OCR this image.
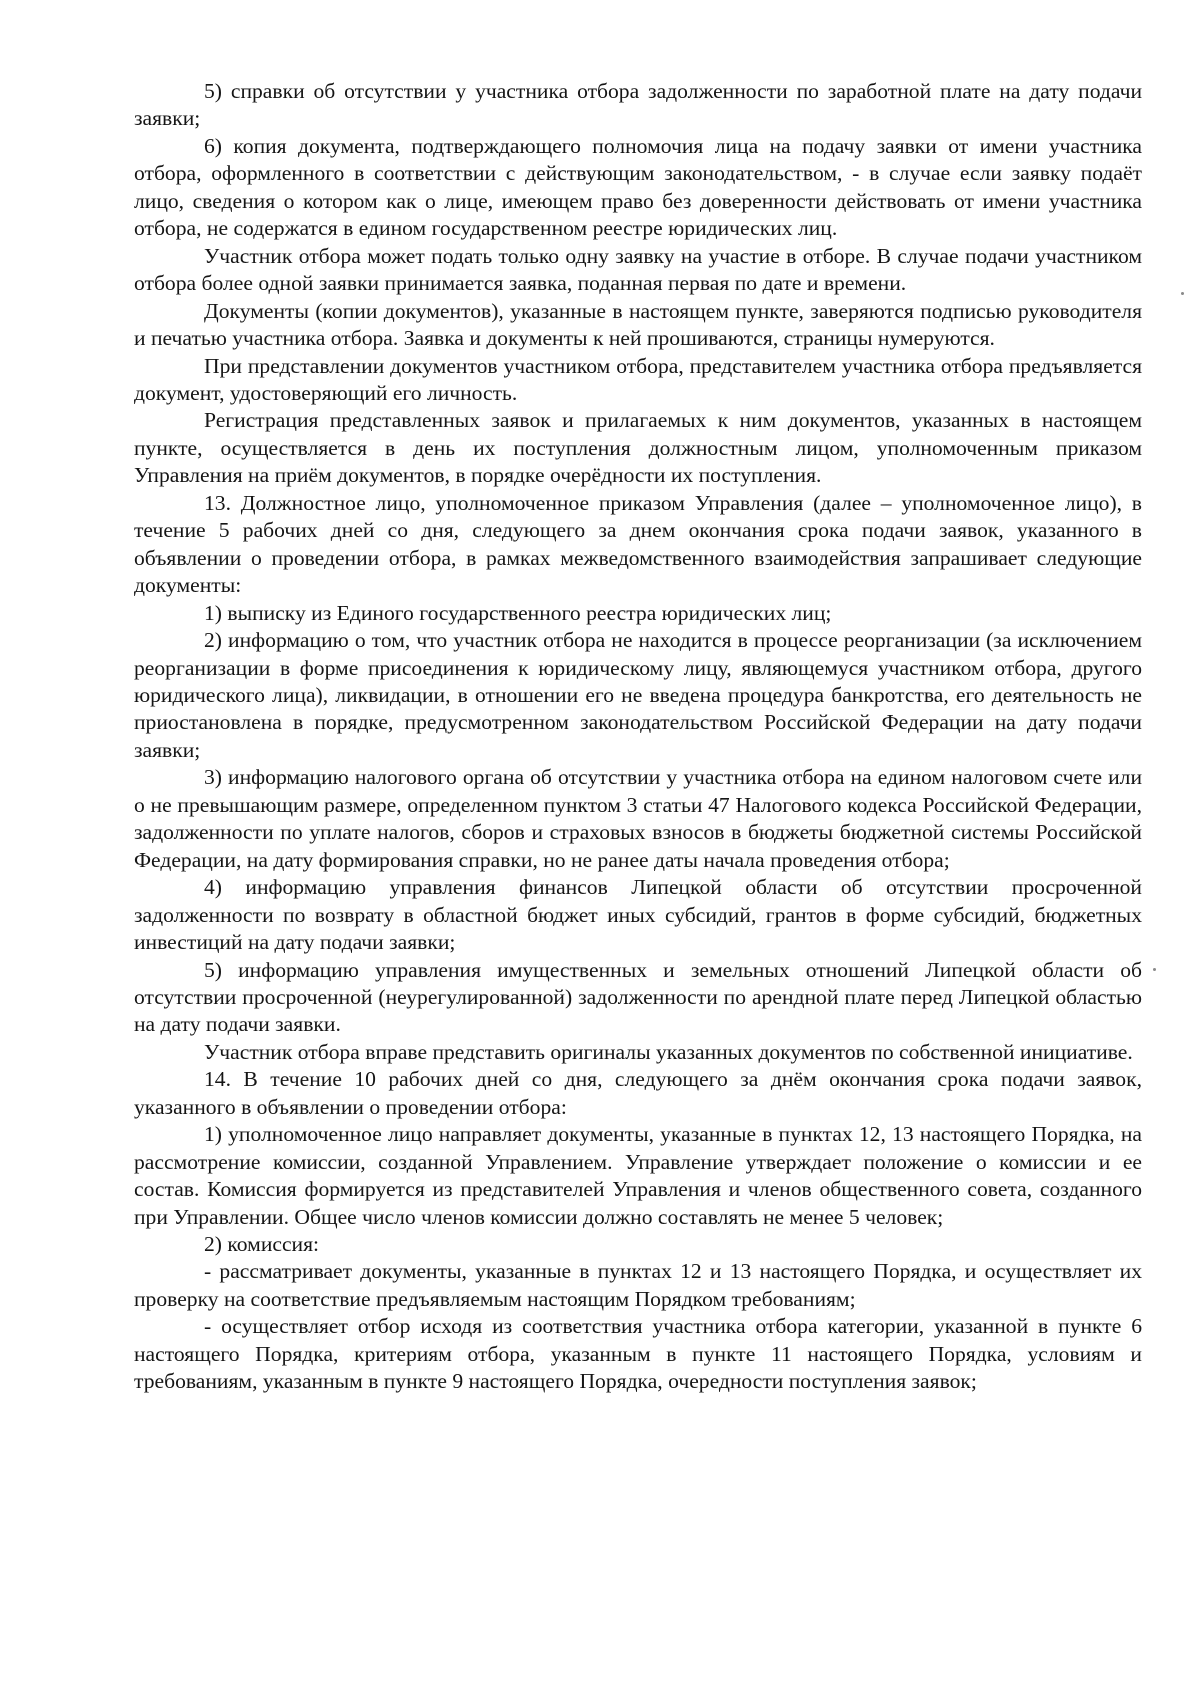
5) справки об отсутствии у участника отбора задолженности по заработной плате на дату подачи заявки;

6) копия документа, подтверждающего полномочия лица на подачу заявки от имени участника отбора, оформленного в соответствии с действующим законодательством, - в случае если заявку подаёт лицо, сведения о котором как о лице, имеющем право без доверенности действовать от имени участника отбора, не содержатся в едином государственном реестре юридических лиц.

Участник отбора может подать только одну заявку на участие в отборе. В случае подачи участником отбора более одной заявки принимается заявка, поданная первая по дате и времени.

Документы (копии документов), указанные в настоящем пункте, заверяются подписью руководителя и печатью участника отбора. Заявка и документы к ней прошиваются, страницы нумеруются.

При представлении документов участником отбора, представителем участника отбора предъявляется документ, удостоверяющий его личность.

Регистрация представленных заявок и прилагаемых к ним документов, указанных в настоящем пункте, осуществляется в день их поступления должностным лицом, уполномоченным приказом Управления на приём документов, в порядке очерёдности их поступления.

13. Должностное лицо, уполномоченное приказом Управления (далее – уполномоченное лицо), в течение 5 рабочих дней со дня, следующего за днем окончания срока подачи заявок, указанного в объявлении о проведении отбора, в рамках межведомственного взаимодействия запрашивает следующие документы:

1) выписку из Единого государственного реестра юридических лиц;

2) информацию о том, что участник отбора не находится в процессе реорганизации (за исключением реорганизации в форме присоединения к юридическому лицу, являющемуся участником отбора, другого юридического лица), ликвидации, в отношении его не введена процедура банкротства, его деятельность не приостановлена в порядке, предусмотренном законодательством Российской Федерации на дату подачи заявки;

3) информацию налогового органа об отсутствии у участника отбора на едином налоговом счете или о не превышающим размере, определенном пунктом 3 статьи 47 Налогового кодекса Российской Федерации, задолженности по уплате налогов, сборов и страховых взносов в бюджеты бюджетной системы Российской Федерации, на дату формирования справки, но не ранее даты начала проведения отбора;

4) информацию управления финансов Липецкой области об отсутствии просроченной задолженности по возврату в областной бюджет иных субсидий, грантов в форме субсидий, бюджетных инвестиций на дату подачи заявки;

5) информацию управления имущественных и земельных отношений Липецкой области об отсутствии просроченной (неурегулированной) задолженности по арендной плате перед Липецкой областью на дату подачи заявки.

Участник отбора вправе представить оригиналы указанных документов по собственной инициативе.

14. В течение 10 рабочих дней со дня, следующего за днём окончания срока подачи заявок, указанного в объявлении о проведении отбора:

1) уполномоченное лицо направляет документы, указанные в пунктах 12, 13 настоящего Порядка, на рассмотрение комиссии, созданной Управлением. Управление утверждает положение о комиссии и ее состав. Комиссия формируется из представителей Управления и членов общественного совета, созданного при Управлении. Общее число членов комиссии должно составлять не менее 5 человек;

2) комиссия:

- рассматривает документы, указанные в пунктах 12 и 13 настоящего Порядка, и осуществляет их проверку на соответствие предъявляемым настоящим Порядком требованиям;

- осуществляет отбор исходя из соответствия участника отбора категории, указанной в пункте 6 настоящего Порядка, критериям отбора, указанным в пункте 11 настоящего Порядка, условиям и требованиям, указанным в пункте 9 настоящего Порядка, очередности поступления заявок;
